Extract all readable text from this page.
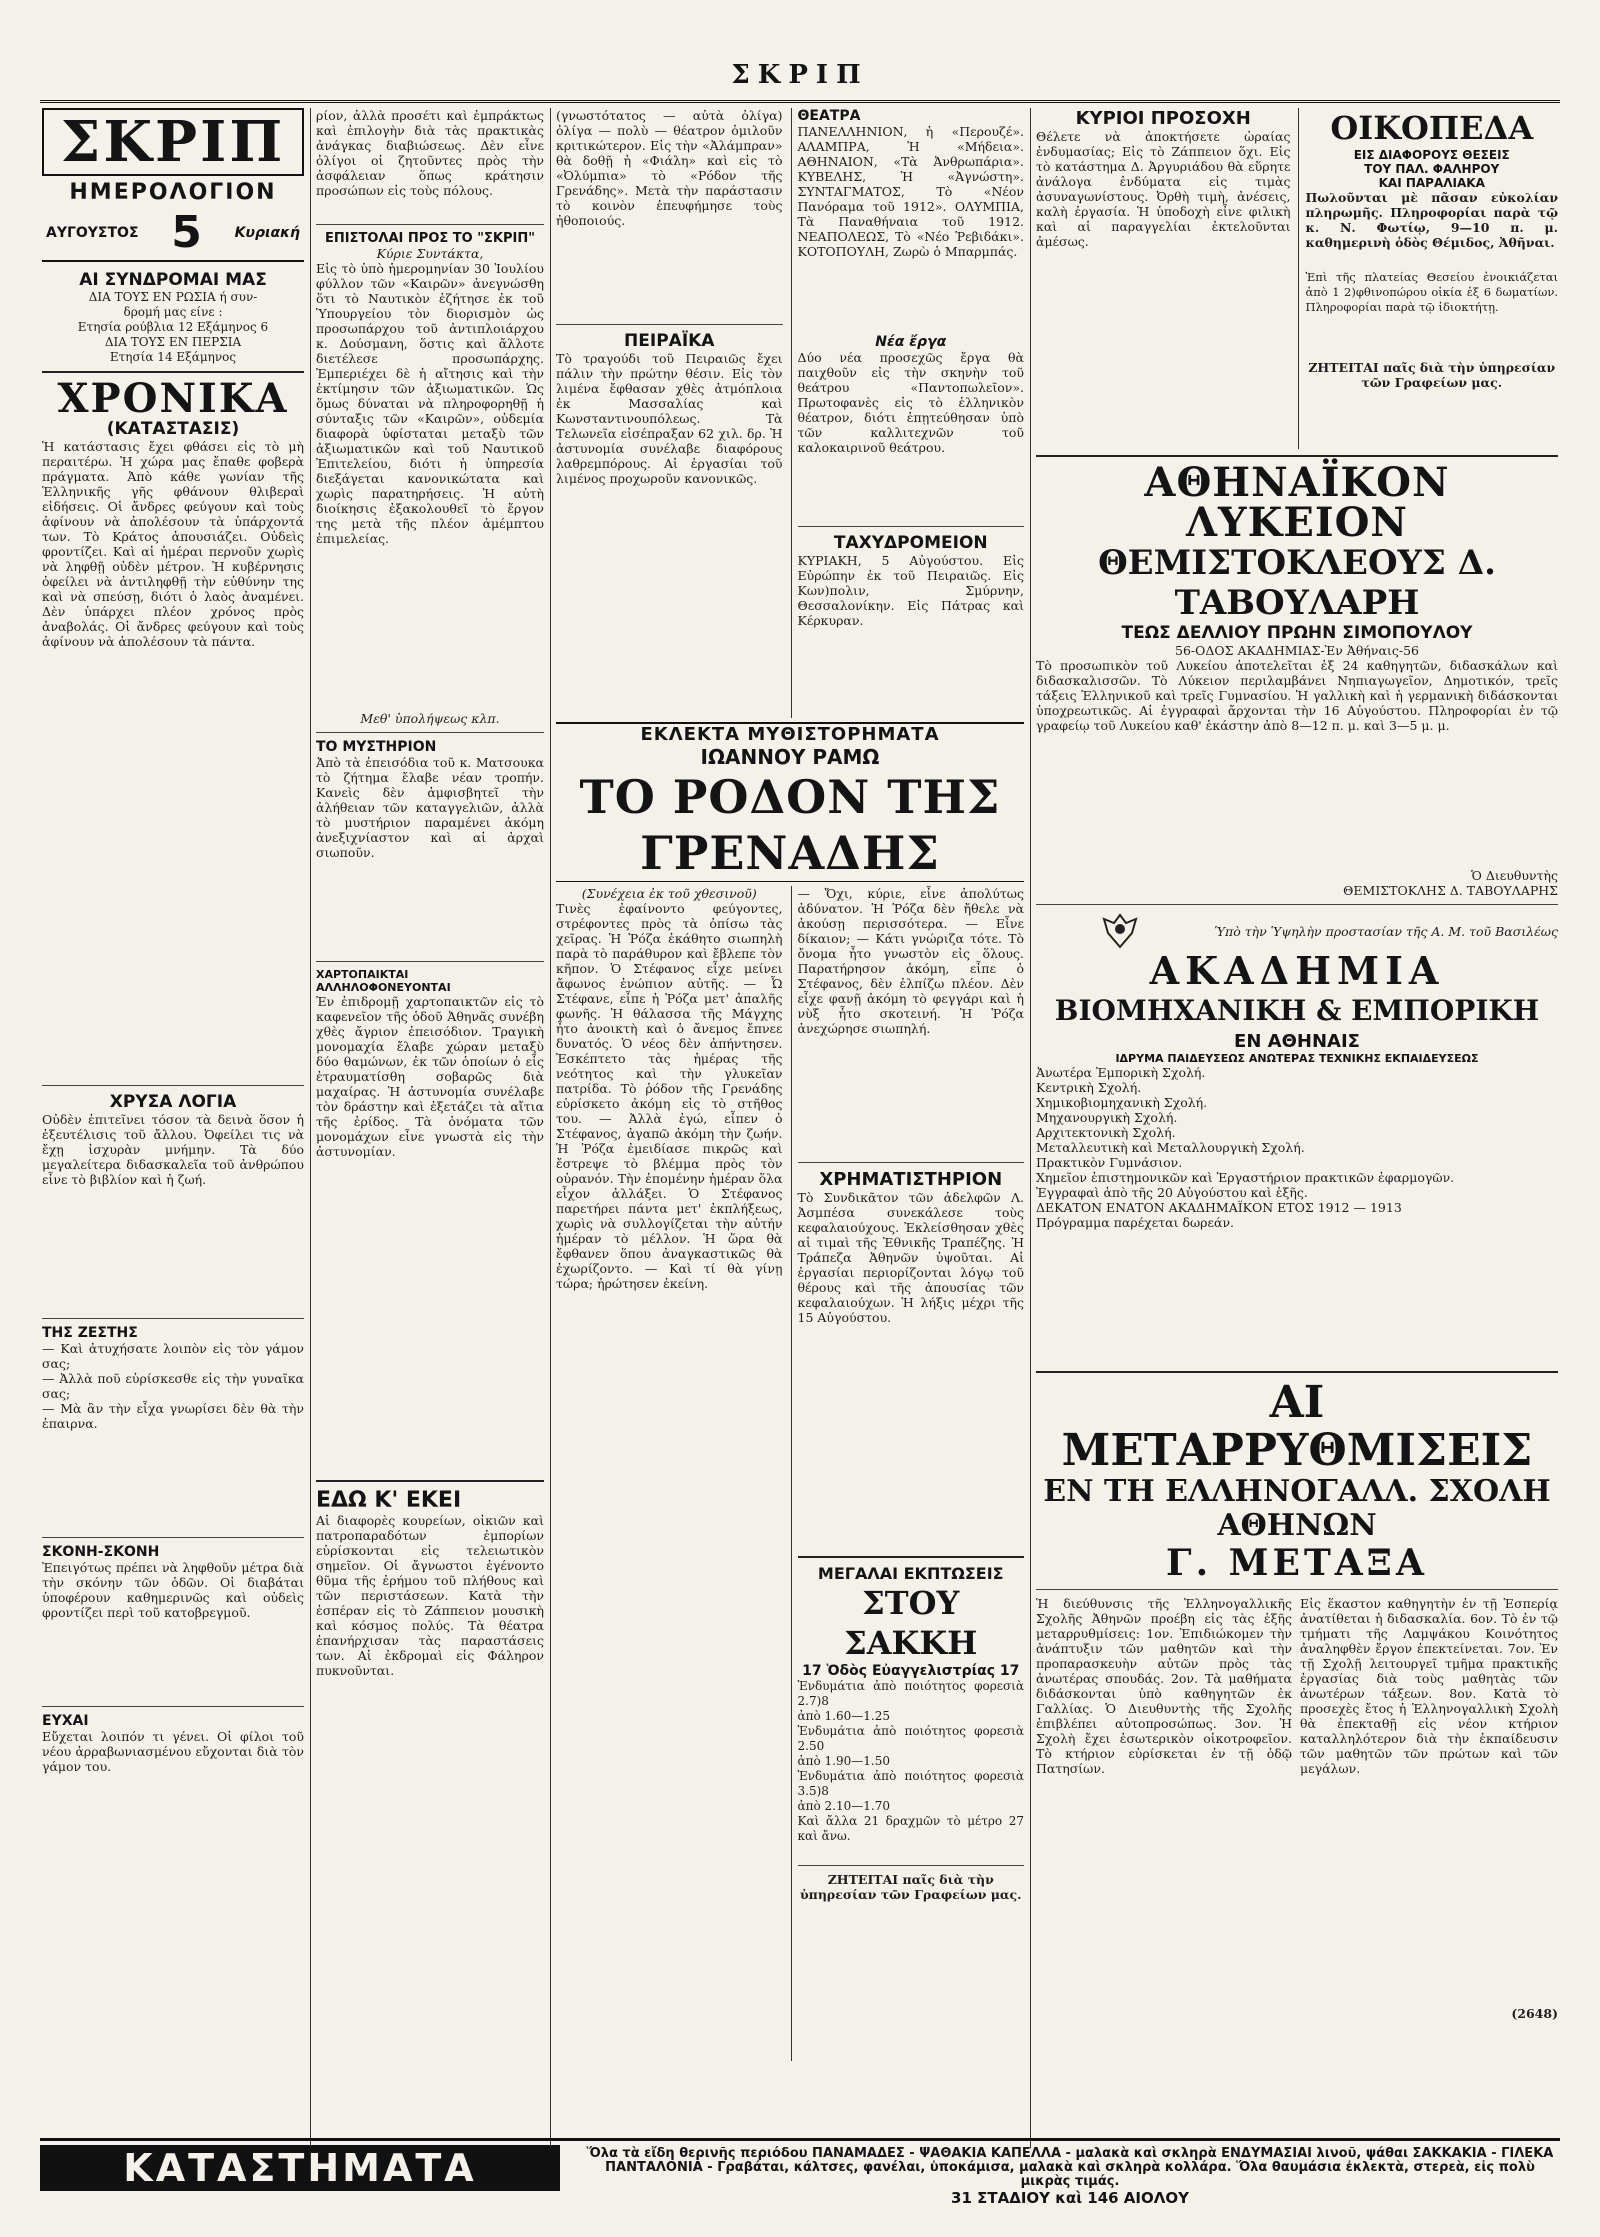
ΣΚΡΙΠ
ΣΚΡΙΠ
ΗΜΕΡΟΛΟΓΙΟΝ
ΑΥΓΟΥΣΤΟΣ 5 Κυριακή
ΑΙ ΣΥΝΔΡΟΜΑΙ ΜΑΣ
ΔΙΑ ΤΟΥΣ ΕΝ ΡΩΣΙΑ ή συν-
δρομή μας είνε :
Ετησία ρούβλια 12 Εξάμηνος 6
ΔΙΑ ΤΟΥΣ ΕΝ ΠΕΡΣΙΑ
Ετησία 14 Εξάμηνος
ΧΡΟΝΙΚΑ
(ΚΑΤΑΣΤΑΣΙΣ)
Ἡ κατάστασις ἔχει φθάσει εἰς τὸ μὴ περαιτέρω. Ἡ χώρα μας ἔπαθε φοβερὰ πράγματα. Ἀπὸ κάθε γωνίαν τῆς Ἑλληνικῆς γῆς φθάνουν θλιβεραὶ εἰδήσεις. Οἱ ἄνδρες φεύγουν καὶ τοὺς ἀφίνουν νὰ ἀπολέσουν τὰ ὑπάρχοντά των. Τὸ Κράτος ἀπουσιάζει. Οὐδεὶς φροντίζει. Καὶ αἱ ἡμέραι περνοῦν χωρὶς νὰ ληφθῇ οὐδὲν μέτρον. Ἡ κυβέρνησις ὀφείλει νὰ ἀντιληφθῇ τὴν εὐθύνην της καὶ νὰ σπεύσῃ, διότι ὁ λαὸς ἀναμένει. Δὲν ὑπάρχει πλέον χρόνος πρὸς ἀναβολάς. Οἱ ἄνδρες φεύγουν καὶ τοὺς ἀφίνουν νὰ ἀπολέσουν τὰ πάντα.
ΧΡΥΣΑ ΛΟΓΙΑ
Οὐδὲν ἐπιτεῖνει τόσον τὰ δεινὰ ὅσον ἡ ἐξευτέλισις τοῦ ἄλλου. Ὀφείλει τις νὰ ἔχῃ ἰσχυρὰν μνήμην. Τὰ δύο μεγαλείτερα διδασκαλεῖα τοῦ ἀνθρώπου εἶνε τὸ βιβλίον καὶ ἡ ζωή.
ΤΗΣ ΖΕΣΤΗΣ
— Καὶ ἀτυχήσατε λοιπὸν εἰς τὸν γάμον σας;
— Ἀλλὰ ποῦ εὑρίσκεσθε εἰς τὴν γυναῖκα σας;
— Μὰ ἂν τὴν εἶχα γνωρίσει δὲν θὰ τὴν ἐπαιρνα.
ΣΚΟΝΗ-ΣΚΟΝΗ
Ἐπειγότως πρέπει νὰ ληφθοῦν μέτρα διὰ τὴν σκόνην τῶν ὁδῶν. Οἱ διαβάται ὑποφέρουν καθημερινῶς καὶ οὐδεὶς φροντίζει περὶ τοῦ κατοβρεγμοῦ.
ΕΥΧΑΙ
Εὔχεται λοιπόν τι γένει. Οἱ φίλοι τοῦ νέου ἀρραβωνιασμένου εὔχονται διὰ τὸν γάμον του.
ρίον, ἀλλὰ προσέτι καὶ ἐμπράκτως καὶ ἐπιλογὴν διὰ τὰς πρακτικὰς ἀνάγκας διαβιώσεως. Δὲν εἶνε ὀλίγοι οἱ ζητοῦντες πρὸς τὴν ἀσφάλειαν ὅπως κράτησιν προσώπων εἰς τοὺς πόλους.
ΕΠΙΣΤΟΛΑΙ ΠΡΟΣ ΤΟ "ΣΚΡΙΠ"
Κύριε Συντάκτα,
Εἰς τὸ ὑπὸ ἡμερομηνίαν 30 Ἰουλίου φύλλον τῶν «Καιρῶν» ἀνεγνώσθη ὅτι τὸ Ναυτικὸν ἐζήτησε ἐκ τοῦ Ὑπουργείου τὸν διορισμὸν ὡς προσωπάρχου τοῦ ἀντιπλοιάρχου κ. Δούσμανη, ὅστις καὶ ἄλλοτε διετέλεσε προσωπάρχης. Ἐμπεριέχει δὲ ἡ αἴτησις καὶ τὴν ἐκτίμησιν τῶν ἀξιωματικῶν. Ὡς ὅμως δύναται νὰ πληροφορηθῇ ἡ σύνταξις τῶν «Καιρῶν», οὐδεμία διαφορὰ ὑφίσταται μεταξὺ τῶν ἀξιωματικῶν καὶ τοῦ Ναυτικοῦ Ἐπιτελείου, διότι ἡ ὑπηρεσία διεξάγεται κανονικώτατα καὶ χωρὶς παρατηρήσεις. Ἡ αὐτὴ διοίκησις ἐξακολουθεῖ τὸ ἔργον της μετὰ τῆς πλέον ἀμέμπτου ἐπιμελείας.
Μεθ' ὑπολήψεως κλπ.
ΤΟ ΜΥΣΤΗΡΙΟΝ
Ἀπὸ τὰ ἐπεισόδια τοῦ κ. Ματσουκα τὸ ζήτημα ἔλαβε νέαν τροπήν. Κανεὶς δὲν ἀμφισβητεῖ τὴν ἀλήθειαν τῶν καταγγελιῶν, ἀλλὰ τὸ μυστήριον παραμένει ἀκόμη ἀνεξιχνίαστον καὶ αἱ ἀρχαὶ σιωποῦν.
ΧΑΡΤΟΠΑΙΚΤΑΙ ΑΛΛΗΛΟΦΟΝΕΥΟΝΤΑΙ
Ἐν ἐπιδρομῇ χαρτοπαικτῶν εἰς τὸ καφενεῖον τῆς ὁδοῦ Ἀθηνᾶς συνέβη χθὲς ἄγριον ἐπεισόδιον. Τραγικὴ μονομαχία ἔλαβε χώραν μεταξὺ δύο θαμώνων, ἐκ τῶν ὁποίων ὁ εἷς ἐτραυματίσθη σοβαρῶς διὰ μαχαίρας. Ἡ ἀστυνομία συνέλαβε τὸν δράστην καὶ ἐξετάζει τὰ αἴτια τῆς ἐρίδος. Τὰ ὀνόματα τῶν μονομάχων εἶνε γνωστὰ εἰς τὴν ἀστυνομίαν.
ΕΔΩ Κ' ΕΚΕΙ
Αἱ διαφορὲς κουρείων, οἰκιῶν καὶ πατροπαραδότων ἐμπορίων εὑρίσκονται εἰς τελειωτικὸν σημεῖον. Οἱ ἄγνωστοι ἐγένοντο θῦμα τῆς ἐρήμου τοῦ πλήθους καὶ τῶν περιστάσεων. Κατὰ τὴν ἐσπέραν εἰς τὸ Ζάππειον μουσικὴ καὶ κόσμος πολύς. Τὰ θέατρα ἐπανήρχισαν τὰς παραστάσεις των. Αἱ ἐκδρομαὶ εἰς Φάληρον πυκνοῦνται.
(γνωστότατος — αὐτὰ ὀλίγα) ὀλίγα — πολὺ — θέατρον ὁμιλοῦν κριτικώτερον. Εἰς τὴν «Ἀλάμπραν» θὰ δοθῇ ἡ «Φιάλη» καὶ εἰς τὸ «Ὀλύμπια» τὸ «Ρόδον τῆς Γρενάδης». Μετὰ τὴν παράστασιν τὸ κοινὸν ἐπευφήμησε τοὺς ἠθοποιούς.
ΠΕΙΡΑΪΚΑ
Τὸ τραγούδι τοῦ Πειραιῶς ἔχει πάλιν τὴν πρώτην θέσιν. Εἰς τὸν λιμένα ἔφθασαν χθὲς ἀτμόπλοια ἐκ Μασσαλίας καὶ Κωνσταντινουπόλεως. Τὰ Τελωνεῖα εἰσέπραξαν 62 χιλ. δρ. Ἡ ἀστυνομία συνέλαβε διαφόρους λαθρεμπόρους. Αἱ ἐργασίαι τοῦ λιμένος προχωροῦν κανονικῶς.
ΘΕΑΤΡΑ
ΠΑΝΕΛΛΗΝΙΟΝ, ἡ «Περουζέ». ΑΛΑΜΠΡΑ, Ἡ «Μήδεια». ΑΘΗΝΑΙΟΝ, «Τὰ Ἀνθρωπάρια». ΚΥΒΕΛΗΣ, Ἡ «Ἀγνώστη». ΣΥΝΤΑΓΜΑΤΟΣ, Τὸ «Νέον Πανόραμα τοῦ 1912». ΟΛΥΜΠΙΑ, Τὰ Παναθήναια τοῦ 1912. ΝΕΑΠΟΛΕΩΣ, Τὸ «Νέο Ῥεβιδάκι». ΚΟΤΟΠΟΥΛΗ, Ζωρὼ ὁ Μπαρμπάς.
Νέα ἔργα
Δύο νέα προσεχῶς ἔργα θὰ παιχθοῦν εἰς τὴν σκηνὴν τοῦ θεάτρου «Παντοπωλεῖον». Πρωτοφανὲς εἰς τὸ ἑλληνικὸν θέατρον, διότι ἐπῃτεύθησαν ὑπὸ τῶν καλλιτεχνῶν τοῦ καλοκαιρινοῦ θεάτρου.
ΤΑΧΥΔΡΟΜΕΙΟΝ
ΚΥΡΙΑΚΗ, 5 Αὐγούστου. Εἰς Εὐρώπην ἐκ τοῦ Πειραιῶς. Εἰς Κων)πολιν, Σμύρνην, Θεσσαλονίκην. Εἰς Πάτρας καὶ Κέρκυραν.
ΕΚΛΕΚΤΑ ΜΥΘΙΣΤΟΡΗΜΑΤΑ
ΙΩΑΝΝΟΥ ΡΑΜΩ
ΤΟ ΡΟΔΟΝ ΤΗΣ ΓΡΕΝΑΔΗΣ
(Συνέχεια ἐκ τοῦ χθεσινοῦ)
Τινὲς ἐφαίνοντο φεύγοντες, στρέφοντες πρὸς τὰ ὀπίσω τὰς χεῖρας. Ἡ Ῥόζα ἐκάθητο σιωπηλὴ παρὰ τὸ παράθυρον καὶ ἔβλεπε τὸν κῆπον. Ὁ Στέφανος εἶχε μείνει ἄφωνος ἐνώπιον αὐτῆς. — Ὦ Στέφανε, εἶπε ἡ Ῥόζα μετ' ἀπαλῆς φωνῆς. Ἡ θάλασσα τῆς Μάγχης ἦτο ἀνοικτὴ καὶ ὁ ἄνεμος ἔπνεε δυνατός. Ὁ νέος δὲν ἀπήντησεν. Ἐσκέπτετο τὰς ἡμέρας τῆς νεότητος καὶ τὴν γλυκεῖαν πατρίδα. Τὸ ῥόδον τῆς Γρενάδης εὑρίσκετο ἀκόμη εἰς τὸ στῆθος του. — Ἀλλὰ ἐγώ, εἶπεν ὁ Στέφανος, ἀγαπῶ ἀκόμη τὴν ζωήν. Ἡ Ῥόζα ἐμειδίασε πικρῶς καὶ ἔστρεψε τὸ βλέμμα πρὸς τὸν οὐρανόν. Τὴν ἐπομένην ἡμέραν ὅλα εἶχον ἀλλάξει. Ὁ Στέφανος παρετήρει πάντα μετ' ἐκπλήξεως, χωρὶς νὰ συλλογίζεται τὴν αὐτήν ἡμέραν τὸ μέλλον. Ἡ ὥρα θὰ ἔφθανεν ὅπου ἀναγκαστικῶς θὰ ἐχωρίζοντο. — Καὶ τί θὰ γίνῃ τώρα; ἠρώτησεν ἐκείνη.
— Ὄχι, κύριε, εἶνε ἀπολύτως ἀδύνατον. Ἡ Ῥόζα δὲν ἤθελε νὰ ἀκούσῃ περισσότερα. — Εἶνε δίκαιον; — Κάτι γνώριζα τότε. Τὸ ὄνομα ἦτο γνωστὸν εἰς ὅλους. Παρατήρησον ἀκόμη, εἶπε ὁ Στέφανος, δὲν ἐλπίζω πλέον. Δὲν εἶχε φανῇ ἀκόμη τὸ φεγγάρι καὶ ἡ νὺξ ἦτο σκοτεινή. Ἡ Ῥόζα ἀνεχώρησε σιωπηλή.
ΧΡΗΜΑΤΙΣΤΗΡΙΟΝ
Τὸ Συνδικᾶτον τῶν ἀδελφῶν Λ. Ἀσμπέσα συνεκάλεσε τοὺς κεφαλαιούχους. Ἐκλείσθησαν χθὲς αἱ τιμαὶ τῆς Ἐθνικῆς Τραπέζης. Ἡ Τράπεζα Ἀθηνῶν ὑψοῦται. Αἱ ἐργασίαι περιορίζονται λόγῳ τοῦ θέρους καὶ τῆς ἀπουσίας τῶν κεφαλαιούχων. Ἡ λήξις μέχρι τῆς 15 Αὐγούστου.
ΜΕΓΑΛΑΙ ΕΚΠΤΩΣΕΙΣ
ΣΤΟΥ ΣΑΚΚΗ
17 Ὁδὸς Εὐαγγελιστρίας 17
Ἐνδυμάτια ἀπὸ ποιότητος φορεσιὰ 2.7)8
ἀπὸ 1.60—1.25
Ἐνδυμάτια ἀπὸ ποιότητος φορεσιὰ 2.50
ἀπὸ 1.90—1.50
Ἐνδυμάτια ἀπὸ ποιότητος φορεσιὰ 3.5)8
ἀπὸ 2.10—1.70
Καὶ ἄλλα 21 δραχμῶν τὸ μέτρο 27 καὶ ἄνω.
ΖΗΤΕΙΤΑΙ παῖς διὰ τὴν ὑπηρεσίαν τῶν Γραφείων μας.
ΚΥΡΙΟΙ ΠΡΟΣΟΧΗ
Θέλετε νὰ ἀποκτήσετε ὡραίας ἐνδυμασίας; Εἰς τὸ Ζάππειον ὅχι. Εἰς τὸ κατάστημα Δ. Ἀργυριάδου θὰ εὕρητε ἀνάλογα ἐνδύματα εἰς τιμὰς ἀσυναγωνίστους. Ὀρθὴ τιμὴ, ἀνέσεις, καλὴ ἐργασία. Ἡ ὑποδοχὴ εἶνε φιλικὴ καὶ αἱ παραγγελίαι ἐκτελοῦνται ἀμέσως.
ΟΙΚΟΠΕΔΑ
ΕΙΣ ΔΙΑΦΟΡΟΥΣ ΘΕΣΕΙΣ
ΤΟΥ ΠΑΛ. ΦΑΛΗΡΟΥ
ΚΑΙ ΠΑΡΑΛΙΑΚΑ
Πωλοῦνται μὲ πᾶσαν εὐκολίαν πληρωμῆς. Πληροφορίαι παρὰ τῷ κ. Ν. Φωτίῳ, 9—10 π. μ. καθημερινὴ ὁδὸς Θέμιδος, Ἀθῆναι.
Ἐπὶ τῆς πλατείας Θεσείου ἐνοικιάζεται ἀπὸ 1 2)φθινοπώρου οἰκία ἐξ 6 δωματίων. Πληροφορίαι παρὰ τῷ ἰδιοκτήτῃ.
ΖΗΤΕΙΤΑΙ παῖς διὰ τὴν ὑπηρεσίαν τῶν Γραφείων μας.
ΑΘΗΝΑΪΚΟΝ ΛΥΚΕΙΟΝ
ΘΕΜΙΣΤΟΚΛΕΟΥΣ Δ. ΤΑΒΟΥΛΑΡΗ
ΤΕΩΣ ΔΕΛΛΙΟΥ ΠΡΩΗΝ ΣΙΜΟΠΟΥΛΟΥ
56-ΟΔΟΣ ΑΚΑΔΗΜΙΑΣ-Ἐν Ἀθήναις-56
Τὸ προσωπικὸν τοῦ Λυκείου ἀποτελεῖται ἐξ 24 καθηγητῶν, διδασκάλων καὶ διδασκαλισσῶν. Τὸ Λύκειον περιλαμβάνει Νηπιαγωγεῖον, Δημοτικόν, τρεῖς τάξεις Ἑλληνικοῦ καὶ τρεῖς Γυμνασίου. Ἡ γαλλικὴ καὶ ἡ γερμανικὴ διδάσκονται ὑποχρεωτικῶς. Αἱ ἐγγραφαὶ ἄρχονται τὴν 16 Αὐγούστου. Πληροφορίαι ἐν τῷ γραφείῳ τοῦ Λυκείου καθ' ἑκάστην ἀπὸ 8—12 π. μ. καὶ 3—5 μ. μ.
Ὁ Διευθυντὴς
ΘΕΜΙΣΤΟΚΛΗΣ Δ. ΤΑΒΟΥΛΑΡΗΣ
Ὑπὸ τὴν Ὑψηλὴν προστασίαν τῆς Α. Μ. τοῦ Βασιλέως
ΑΚΑΔΗΜΙΑ
ΒΙΟΜΗΧΑΝΙΚΗ & ΕΜΠΟΡΙΚΗ
ΕΝ ΑΘΗΝΑΙΣ
ΙΔΡΥΜΑ ΠΑΙΔΕΥΣΕΩΣ ΑΝΩΤΕΡΑΣ ΤΕΧΝΙΚΗΣ ΕΚΠΑΙΔΕΥΣΕΩΣ
Ἀνωτέρα Ἐμπορικὴ Σχολή.
Κεντρικὴ Σχολή.
Χημικοβιομηχανικὴ Σχολή.
Μηχανουργικὴ Σχολή.
Αρχιτεκτονικὴ Σχολή.
Μεταλλευτικὴ καὶ Μεταλλουργικὴ Σχολή.
Πρακτικὸν Γυμνάσιον.
Χημεῖον ἐπιστημονικῶν καὶ Ἐργαστήριον πρακτικῶν ἐφαρμογῶν.
Ἐγγραφαὶ ἀπὸ τῆς 20 Αὐγούστου καὶ ἑξῆς.
ΔΕΚΑΤΟΝ ΕΝΑΤΟΝ ΑΚΑΔΗΜΑΪΚΟΝ ΕΤΟΣ 1912 — 1913
Πρόγραμμα παρέχεται δωρεάν.
ΑΙ ΜΕΤΑΡΡΥΘΜΙΣΕΙΣ
ΕΝ ΤΗ ΕΛΛΗΝΟΓΑΛΛ. ΣΧΟΛΗ ΑΘΗΝΩΝ
Γ. ΜΕΤΑΞΑ
Ἡ διεύθυνσις τῆς Ἑλληνογαλλικῆς Σχολῆς Ἀθηνῶν προέβη εἰς τὰς ἑξῆς μεταρρυθμίσεις: 1ον. Ἐπιδιώκομεν τὴν ἀνάπτυξιν τῶν μαθητῶν καὶ τὴν προπαρασκευὴν αὐτῶν πρὸς τὰς ἀνωτέρας σπουδάς. 2ον. Τὰ μαθήματα διδάσκονται ὑπὸ καθηγητῶν ἐκ Γαλλίας. Ὁ Διευθυντὴς τῆς Σχολῆς ἐπιβλέπει αὐτοπροσώπως. 3ον. Ἡ Σχολὴ ἔχει ἐσωτερικὸν οἰκοτροφεῖον. Τὸ κτήριον εὑρίσκεται ἐν τῇ ὁδῷ Πατησίων.
Εἰς ἕκαστον καθηγητὴν ἐν τῇ Ἑσπερίᾳ ἀνατίθεται ἡ διδασκαλία. 6ον. Τὸ ἐν τῷ τμήματι τῆς Λαμψάκου Κοινότητος ἀναληφθὲν ἔργον ἐπεκτείνεται. 7ον. Ἐν τῇ Σχολῇ λειτουργεῖ τμῆμα πρακτικῆς ἐργασίας διὰ τοὺς μαθητὰς τῶν ἀνωτέρων τάξεων. 8ον. Κατὰ τὸ προσεχὲς ἔτος ἡ Ἑλληνογαλλικὴ Σχολὴ θὰ ἐπεκταθῇ εἰς νέον κτήριον καταλληλότερον διὰ τὴν ἐκπαίδευσιν τῶν μαθητῶν τῶν πρώτων καὶ τῶν μεγάλων.
(2648)
ΚΑΤΑΣΤΗΜΑΤΑ ΓΟΥΤΑΚΗ
Ὅλα τὰ εἴδη θερινῆς περιόδου ΠΑΝΑΜΑΔΕΣ - ΨΑΘΑΚΙΑ ΚΑΠΕΛΛΑ - μαλακὰ καὶ σκληρὰ ΕΝΔΥΜΑΣΙΑΙ λινοῦ, ψάθαι ΣΑΚΚΑΚΙΑ - ΓΙΛΕΚΑ ΠΑΝΤΑΛΟΝΙΑ - Γραβάται, κάλτσες, φανέλαι, ὑποκάμισα, μαλακὰ καὶ σκληρὰ κολλάρα. Ὅλα θαυμάσια ἐκλεκτὰ, στερεὰ, εἰς πολὺ μικρὰς τιμάς.
31 ΣΤΑΔΙΟΥ καὶ 146 ΑΙΟΛΟΥ
